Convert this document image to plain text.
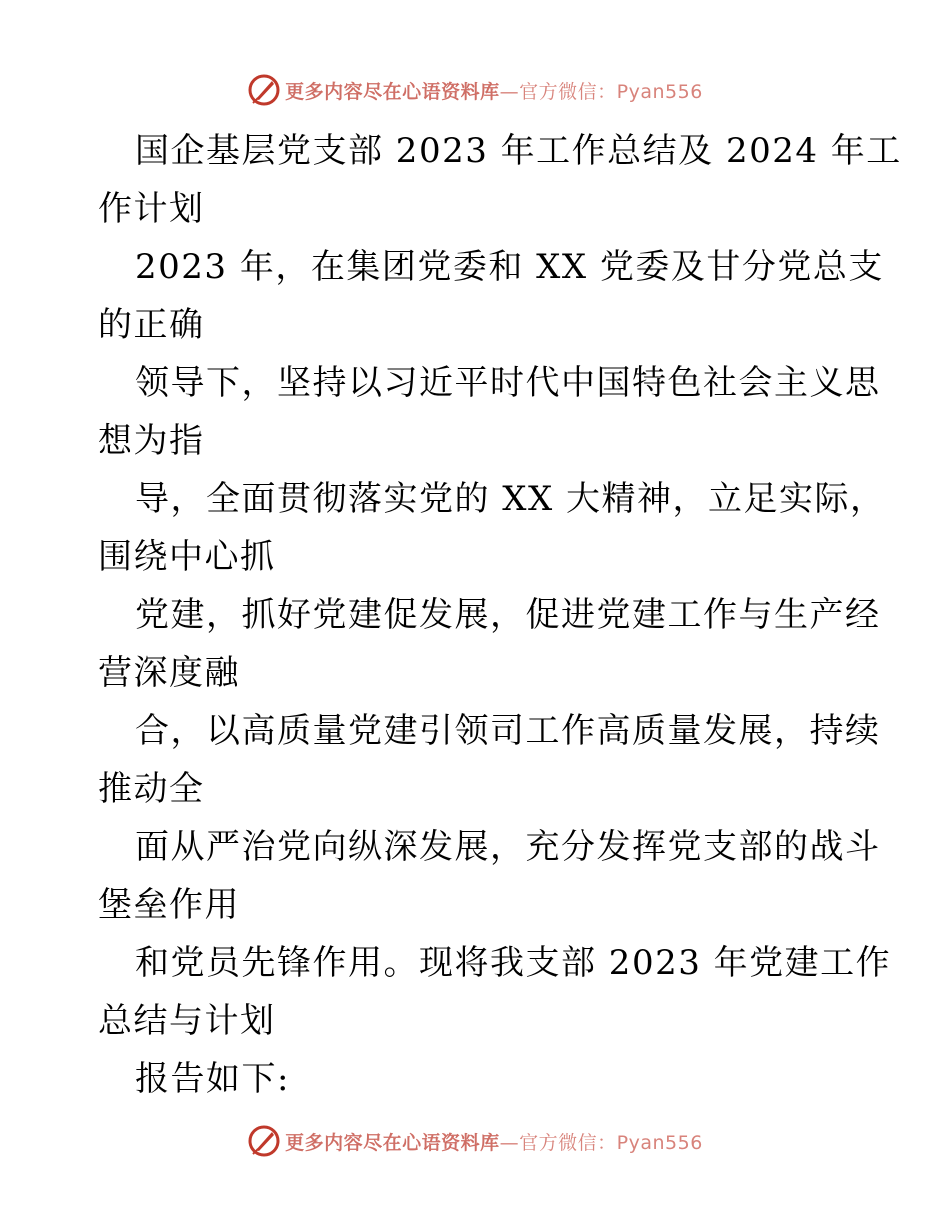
更多内容尽在心语资料库—官方微信：Pyan556
国企基层党支部 2023 年工作总结及 2024 年工
作计划
2023 年，在集团党委和 XX 党委及甘分党总支
的正确
领导下，坚持以习近平时代中国特色社会主义思
想为指
导，全面贯彻落实党的 XX 大精神，立足实际，
围绕中心抓
党建，抓好党建促发展，促进党建工作与生产经
营深度融
合，以高质量党建引领司工作高质量发展，持续
推动全
面从严治党向纵深发展，充分发挥党支部的战斗
堡垒作用
和党员先锋作用。现将我支部 2023 年党建工作
总结与计划
报告如下:
更多内容尽在心语资料库—官方微信：Pyan556
